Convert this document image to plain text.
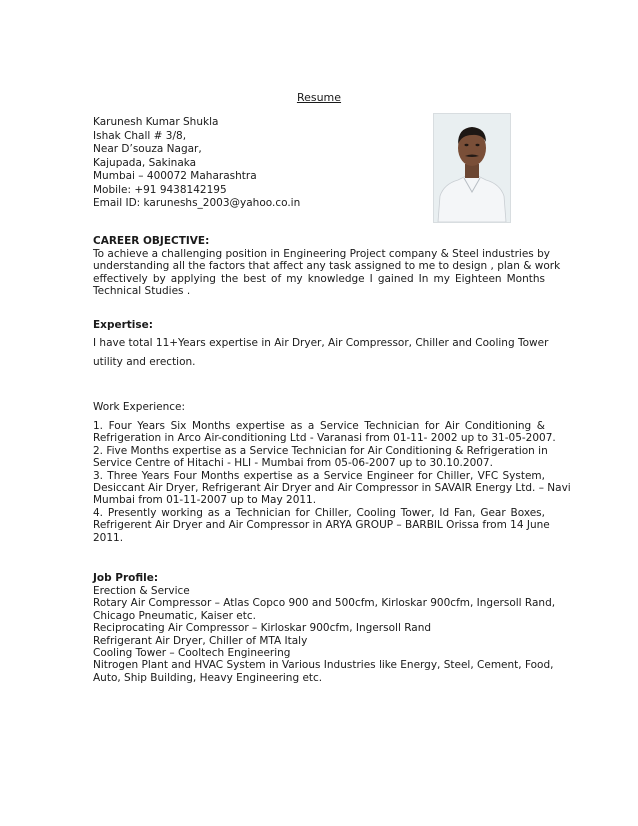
Resume
Karunesh Kumar Shukla
Ishak Chall # 3/8,
Near D’souza Nagar,
Kajupada, Sakinaka
Mumbai – 400072 Maharashtra
Mobile: +91 9438142195
Email ID: karuneshs_2003@yahoo.co.in
CAREER OBJECTIVE:
To achieve a challenging position in Engineering Project company & Steel industries by
understanding all the factors that affect any task assigned to me to design , plan & work
effectively by applying the best of my knowledge I gained In my Eighteen Months
Technical Studies .
Expertise:
I have total 11+Years expertise in Air Dryer, Air Compressor, Chiller and Cooling Tower
utility and erection.
Work Experience:
1. Four Years Six Months expertise as a Service Technician for Air Conditioning &
Refrigeration in Arco Air-conditioning Ltd - Varanasi from 01-11- 2002 up to 31-05-2007.
2. Five Months expertise as a Service Technician for Air Conditioning & Refrigeration in
Service Centre of Hitachi - HLI - Mumbai from 05-06-2007 up to 30.10.2007.
3. Three Years Four Months expertise as a Service Engineer for Chiller, VFC System,
Desiccant Air Dryer, Refrigerant Air Dryer and Air Compressor in SAVAIR Energy Ltd. – Navi
Mumbai from 01-11-2007 up to May 2011.
4. Presently working as a Technician for Chiller, Cooling Tower, Id Fan, Gear Boxes,
Refrigerent Air Dryer and Air Compressor in ARYA GROUP – BARBIL Orissa from 14 June
2011.
Job Profile:
Erection & Service
Rotary Air Compressor – Atlas Copco 900 and 500cfm, Kirloskar 900cfm, Ingersoll Rand,
Chicago Pneumatic, Kaiser etc.
Reciprocating Air Compressor – Kirloskar 900cfm, Ingersoll Rand
Refrigerant Air Dryer, Chiller of MTA Italy
Cooling Tower – Cooltech Engineering
Nitrogen Plant and HVAC System in Various Industries like Energy, Steel, Cement, Food,
Auto, Ship Building, Heavy Engineering etc.
